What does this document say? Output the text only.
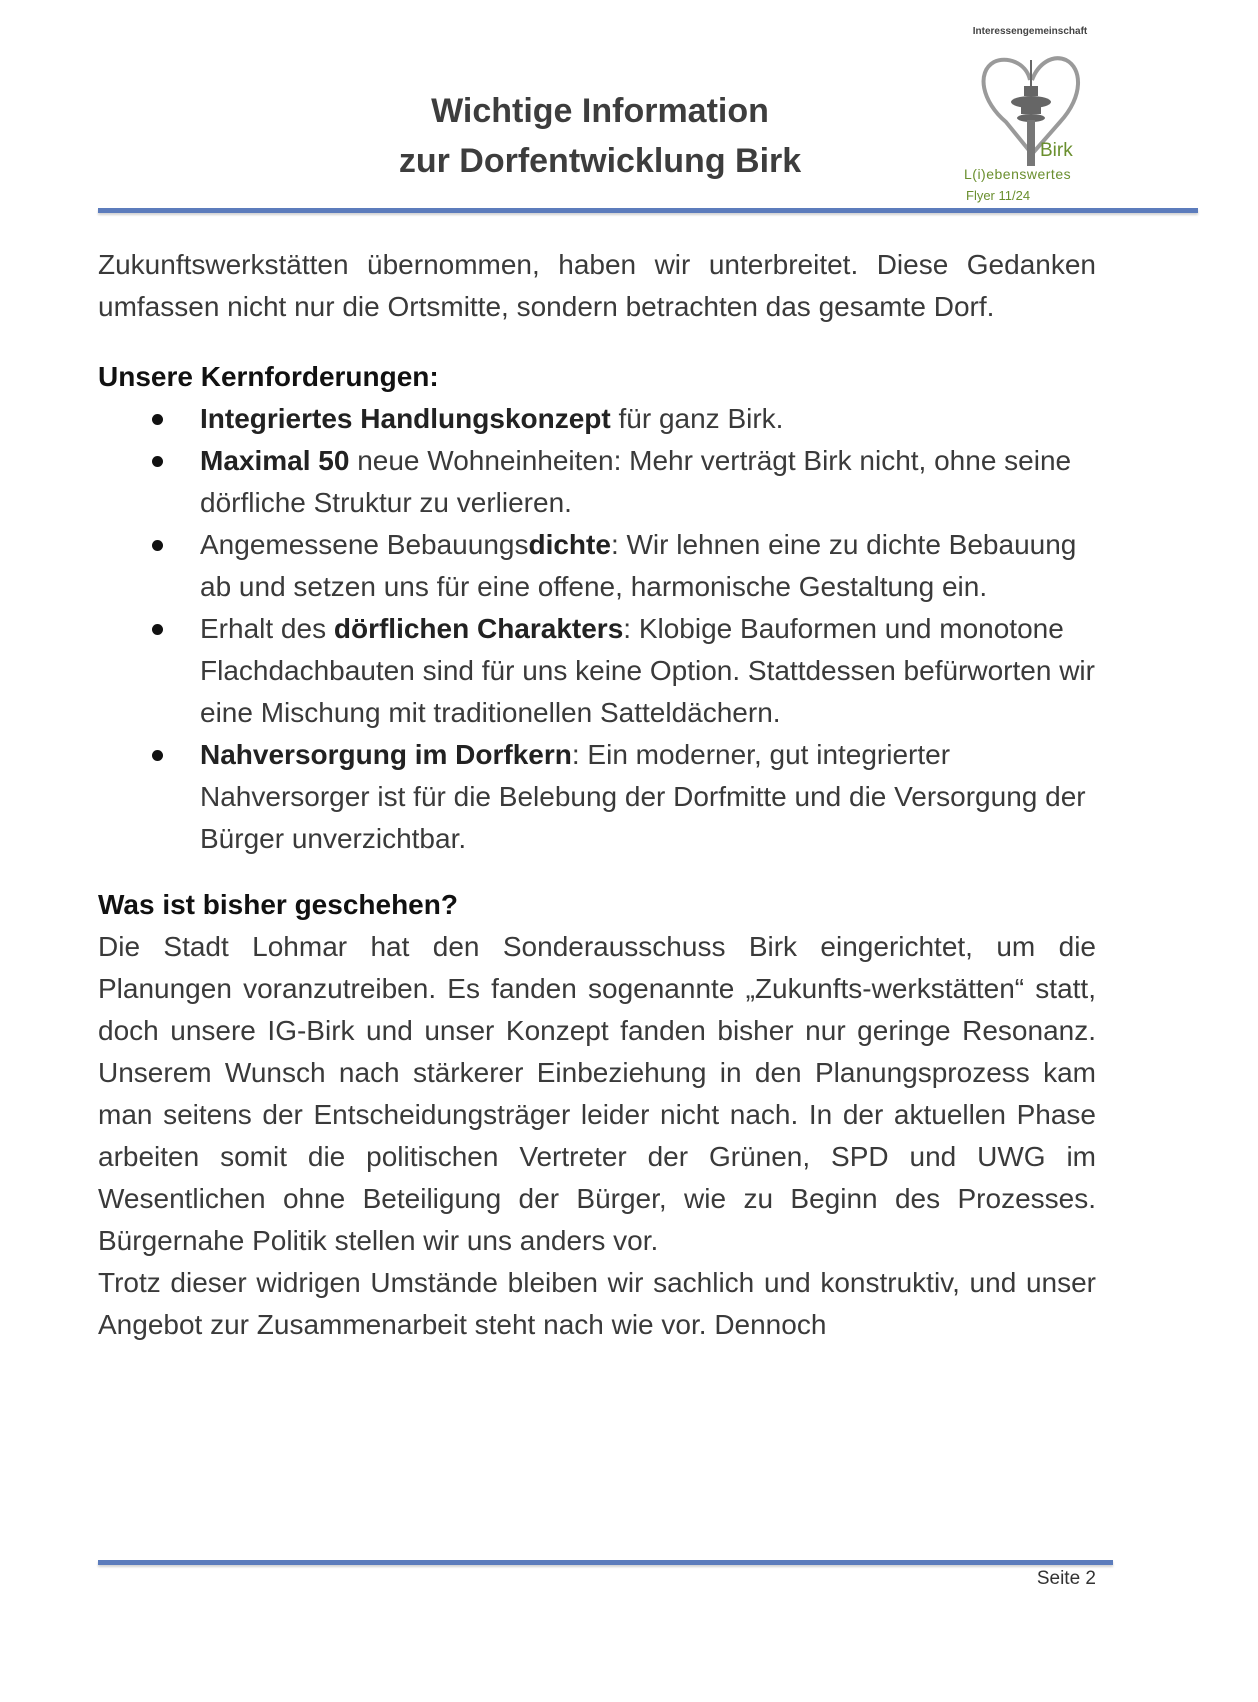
Wichtige Information
zur Dorfentwicklung Birk
Interessengemeinschaft
Birk
L(i)ebenswertes
Flyer 11/24

Zukunftswerkstätten übernommen, haben wir unterbreitet. Diese Gedanken umfassen nicht nur die Ortsmitte, sondern betrachten das gesamte Dorf.

Unsere Kernforderungen:

Integriertes Handlungskonzept für ganz Birk.
Maximal 50 neue Wohneinheiten: Mehr verträgt Birk nicht, ohne seine dörfliche Struktur zu verlieren.
Angemessene Bebauungsdichte: Wir lehnen eine zu dichte Bebauung ab und setzen uns für eine offene, harmonische Gestaltung ein.
Erhalt des dörflichen Charakters: Klobige Bauformen und monotone Flachdachbauten sind für uns keine Option. Stattdessen befürworten wir eine Mischung mit traditionellen Satteldächern.
Nahversorgung im Dorfkern: Ein moderner, gut integrierter Nahversorger ist für die Belebung der Dorfmitte und die Versorgung der Bürger unverzichtbar.

Was ist bisher geschehen?

Die Stadt Lohmar hat den Sonderausschuss Birk eingerichtet, um die Planungen voranzutreiben. Es fanden sogenannte „Zukunfts-werkstätten“ statt, doch unsere IG-Birk und unser Konzept fanden bisher nur geringe Resonanz. Unserem Wunsch nach stärkerer Einbeziehung in den Planungsprozess kam man seitens der Entscheidungsträger leider nicht nach. In der aktuellen Phase arbeiten somit die politischen Vertreter der Grünen, SPD und UWG im Wesentlichen ohne Beteiligung der Bürger, wie zu Beginn des Prozesses. Bürgernahe Politik stellen wir uns anders vor.

Trotz dieser widrigen Umstände bleiben wir sachlich und konstruktiv, und unser Angebot zur Zusammenarbeit steht nach wie vor. Dennoch

Seite 2
